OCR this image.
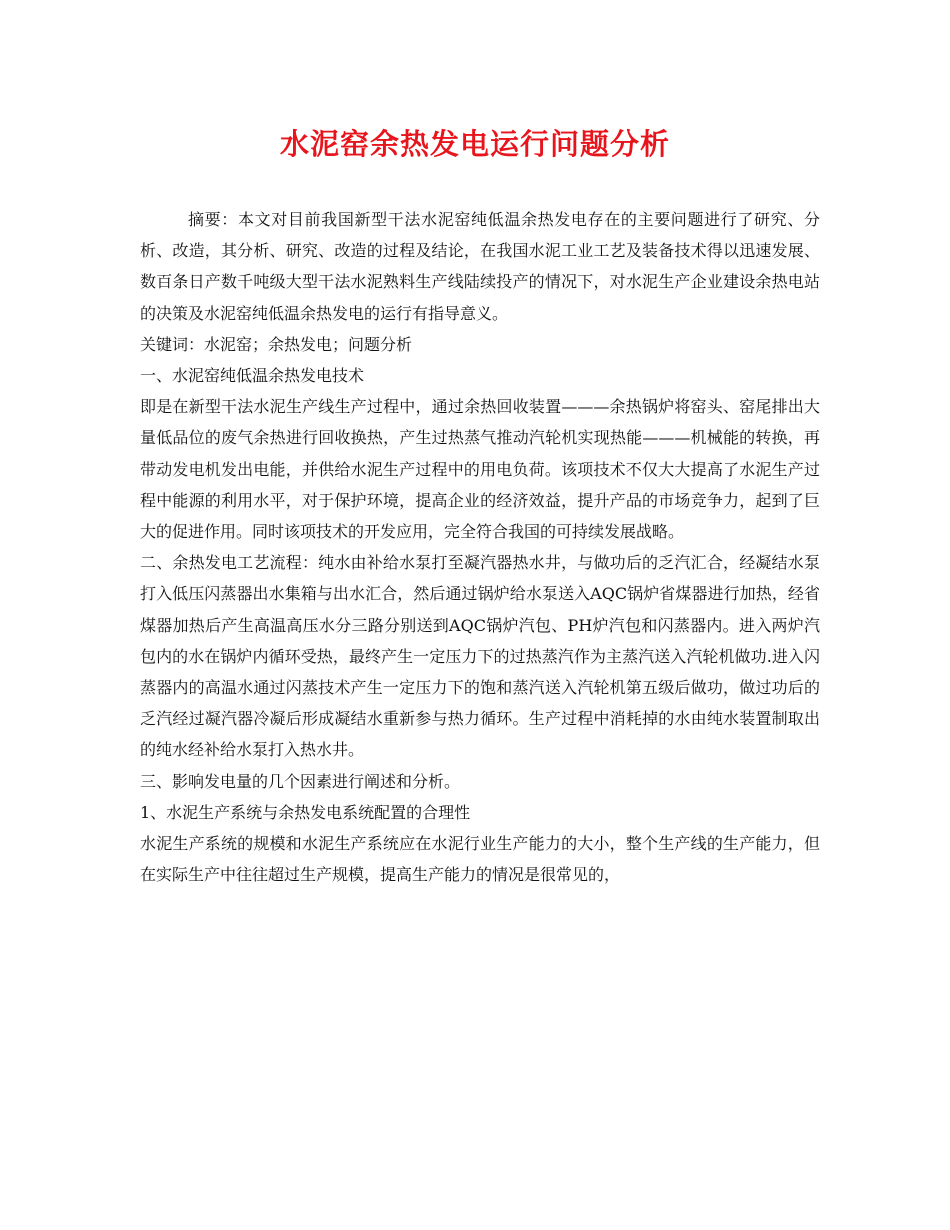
水泥窑余热发电运行问题分析

摘要：本文对目前我国新型干法水泥窑纯低温余热发电存在的主要问题进行了研究、分析、改造，其分析、研究、改造的过程及结论，在我国水泥工业工艺及装备技术得以迅速发展、数百条日产数千吨级大型干法水泥熟料生产线陆续投产的情况下，对水泥生产企业建设余热电站的决策及水泥窑纯低温余热发电的运行有指导意义。

关键词：水泥窑；余热发电；问题分析

一、水泥窑纯低温余热发电技术

即是在新型干法水泥生产线生产过程中，通过余热回收装置———余热锅炉将窑头、窑尾排出大量低品位的废气余热进行回收换热，产生过热蒸气推动汽轮机实现热能———机械能的转换，再带动发电机发出电能，并供给水泥生产过程中的用电负荷。该项技术不仅大大提高了水泥生产过程中能源的利用水平，对于保护环境，提高企业的经济效益，提升产品的市场竞争力，起到了巨大的促进作用。同时该项技术的开发应用，完全符合我国的可持续发展战略。

二、余热发电工艺流程：纯水由补给水泵打至凝汽器热水井，与做功后的乏汽汇合，经凝结水泵打入低压闪蒸器出水集箱与出水汇合，然后通过锅炉给水泵送入AQC锅炉省煤器进行加热，经省煤器加热后产生高温高压水分三路分别送到AQC锅炉汽包、PH炉汽包和闪蒸器内。进入两炉汽包内的水在锅炉内循环受热，最终产生一定压力下的过热蒸汽作为主蒸汽送入汽轮机做功.进入闪蒸器内的高温水通过闪蒸技术产生一定压力下的饱和蒸汽送入汽轮机第五级后做功，做过功后的乏汽经过凝汽器冷凝后形成凝结水重新参与热力循环。生产过程中消耗掉的水由纯水装置制取出的纯水经补给水泵打入热水井。

三、影响发电量的几个因素进行阐述和分析。

1、水泥生产系统与余热发电系统配置的合理性

水泥生产系统的规模和水泥生产系统应在水泥行业生产能力的大小，整个生产线的生产能力，但在实际生产中往往超过生产规模，提高生产能力的情况是很常见的，
